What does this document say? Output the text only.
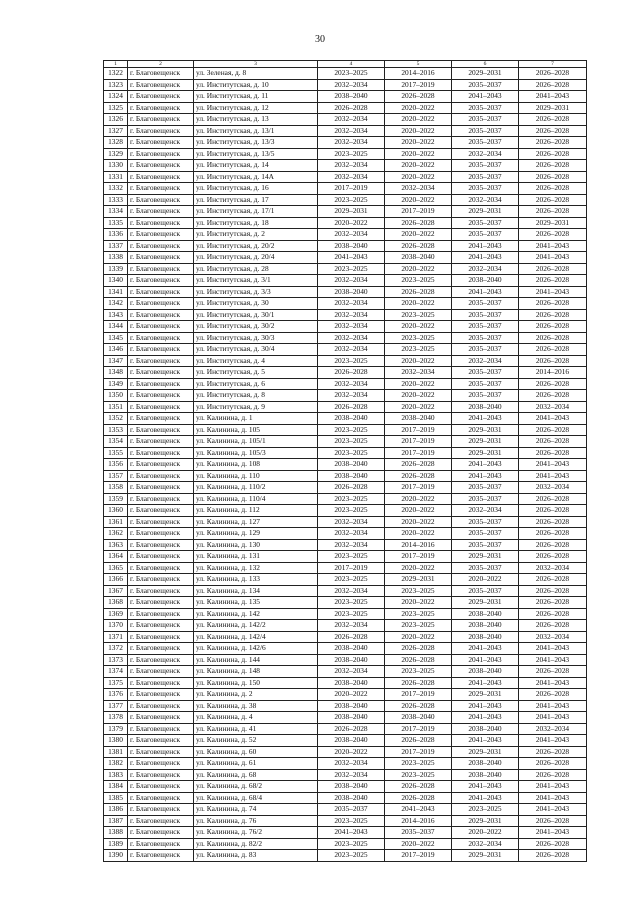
30
1	2	3	4	5	6	7
1322	г. Благовещенск	ул. Зеленая, д. 8	2023–2025	2014–2016	2029–2031	2026–2028
1323	г. Благовещенск	ул. Институтская, д. 10	2032–2034	2017–2019	2035–2037	2026–2028
1324	г. Благовещенск	ул. Институтская, д. 11	2038–2040	2026–2028	2041–2043	2041–2043
1325	г. Благовещенск	ул. Институтская, д. 12	2026–2028	2020–2022	2035–2037	2029–2031
1326	г. Благовещенск	ул. Институтская, д. 13	2032–2034	2020–2022	2035–2037	2026–2028
1327	г. Благовещенск	ул. Институтская, д. 13/1	2032–2034	2020–2022	2035–2037	2026–2028
1328	г. Благовещенск	ул. Институтская, д. 13/3	2032–2034	2020–2022	2035–2037	2026–2028
1329	г. Благовещенск	ул. Институтская, д. 13/5	2023–2025	2020–2022	2032–2034	2026–2028
1330	г. Благовещенск	ул. Институтская, д. 14	2032–2034	2020–2022	2035–2037	2026–2028
1331	г. Благовещенск	ул. Институтская, д. 14А	2032–2034	2020–2022	2035–2037	2026–2028
1332	г. Благовещенск	ул. Институтская, д. 16	2017–2019	2032–2034	2035–2037	2026–2028
1333	г. Благовещенск	ул. Институтская, д. 17	2023–2025	2020–2022	2032–2034	2026–2028
1334	г. Благовещенск	ул. Институтская, д. 17/1	2029–2031	2017–2019	2029–2031	2026–2028
1335	г. Благовещенск	ул. Институтская, д. 18	2020–2022	2026–2028	2035–2037	2029–2031
1336	г. Благовещенск	ул. Институтская, д. 2	2032–2034	2020–2022	2035–2037	2026–2028
1337	г. Благовещенск	ул. Институтская, д. 20/2	2038–2040	2026–2028	2041–2043	2041–2043
1338	г. Благовещенск	ул. Институтская, д. 20/4	2041–2043	2038–2040	2041–2043	2041–2043
1339	г. Благовещенск	ул. Институтская, д. 28	2023–2025	2020–2022	2032–2034	2026–2028
1340	г. Благовещенск	ул. Институтская, д. 3/1	2032–2034	2023–2025	2038–2040	2026–2028
1341	г. Благовещенск	ул. Институтская, д. 3/3	2038–2040	2026–2028	2041–2043	2041–2043
1342	г. Благовещенск	ул. Институтская, д. 30	2032–2034	2020–2022	2035–2037	2026–2028
1343	г. Благовещенск	ул. Институтская, д. 30/1	2032–2034	2023–2025	2035–2037	2026–2028
1344	г. Благовещенск	ул. Институтская, д. 30/2	2032–2034	2020–2022	2035–2037	2026–2028
1345	г. Благовещенск	ул. Институтская, д. 30/3	2032–2034	2023–2025	2035–2037	2026–2028
1346	г. Благовещенск	ул. Институтская, д. 30/4	2032–2034	2023–2025	2035–2037	2026–2028
1347	г. Благовещенск	ул. Институтская, д. 4	2023–2025	2020–2022	2032–2034	2026–2028
1348	г. Благовещенск	ул. Институтская, д. 5	2026–2028	2032–2034	2035–2037	2014–2016
1349	г. Благовещенск	ул. Институтская, д. 6	2032–2034	2020–2022	2035–2037	2026–2028
1350	г. Благовещенск	ул. Институтская, д. 8	2032–2034	2020–2022	2035–2037	2026–2028
1351	г. Благовещенск	ул. Институтская, д. 9	2026–2028	2020–2022	2038–2040	2032–2034
1352	г. Благовещенск	ул. Калинина, д. 1	2038–2040	2038–2040	2041–2043	2041–2043
1353	г. Благовещенск	ул. Калинина, д. 105	2023–2025	2017–2019	2029–2031	2026–2028
1354	г. Благовещенск	ул. Калинина, д. 105/1	2023–2025	2017–2019	2029–2031	2026–2028
1355	г. Благовещенск	ул. Калинина, д. 105/3	2023–2025	2017–2019	2029–2031	2026–2028
1356	г. Благовещенск	ул. Калинина, д. 108	2038–2040	2026–2028	2041–2043	2041–2043
1357	г. Благовещенск	ул. Калинина, д. 110	2038–2040	2026–2028	2041–2043	2041–2043
1358	г. Благовещенск	ул. Калинина, д. 110/2	2026–2028	2017–2019	2035–2037	2032–2034
1359	г. Благовещенск	ул. Калинина, д. 110/4	2023–2025	2020–2022	2035–2037	2026–2028
1360	г. Благовещенск	ул. Калинина, д. 112	2023–2025	2020–2022	2032–2034	2026–2028
1361	г. Благовещенск	ул. Калинина, д. 127	2032–2034	2020–2022	2035–2037	2026–2028
1362	г. Благовещенск	ул. Калинина, д. 129	2032–2034	2020–2022	2035–2037	2026–2028
1363	г. Благовещенск	ул. Калинина, д. 130	2032–2034	2014–2016	2035–2037	2026–2028
1364	г. Благовещенск	ул. Калинина, д. 131	2023–2025	2017–2019	2029–2031	2026–2028
1365	г. Благовещенск	ул. Калинина, д. 132	2017–2019	2020–2022	2035–2037	2032–2034
1366	г. Благовещенск	ул. Калинина, д. 133	2023–2025	2029–2031	2020–2022	2026–2028
1367	г. Благовещенск	ул. Калинина, д. 134	2032–2034	2023–2025	2035–2037	2026–2028
1368	г. Благовещенск	ул. Калинина, д. 135	2023–2025	2020–2022	2029–2031	2026–2028
1369	г. Благовещенск	ул. Калинина, д. 142	2023–2025	2023–2025	2038–2040	2026–2028
1370	г. Благовещенск	ул. Калинина, д. 142/2	2032–2034	2023–2025	2038–2040	2026–2028
1371	г. Благовещенск	ул. Калинина, д. 142/4	2026–2028	2020–2022	2038–2040	2032–2034
1372	г. Благовещенск	ул. Калинина, д. 142/6	2038–2040	2026–2028	2041–2043	2041–2043
1373	г. Благовещенск	ул. Калинина, д. 144	2038–2040	2026–2028	2041–2043	2041–2043
1374	г. Благовещенск	ул. Калинина, д. 148	2032–2034	2023–2025	2038–2040	2026–2028
1375	г. Благовещенск	ул. Калинина, д. 150	2038–2040	2026–2028	2041–2043	2041–2043
1376	г. Благовещенск	ул. Калинина, д. 2	2020–2022	2017–2019	2029–2031	2026–2028
1377	г. Благовещенск	ул. Калинина, д. 38	2038–2040	2026–2028	2041–2043	2041–2043
1378	г. Благовещенск	ул. Калинина, д. 4	2038–2040	2038–2040	2041–2043	2041–2043
1379	г. Благовещенск	ул. Калинина, д. 41	2026–2028	2017–2019	2038–2040	2032–2034
1380	г. Благовещенск	ул. Калинина, д. 52	2038–2040	2026–2028	2041–2043	2041–2043
1381	г. Благовещенск	ул. Калинина, д. 60	2020–2022	2017–2019	2029–2031	2026–2028
1382	г. Благовещенск	ул. Калинина, д. 61	2032–2034	2023–2025	2038–2040	2026–2028
1383	г. Благовещенск	ул. Калинина, д. 68	2032–2034	2023–2025	2038–2040	2026–2028
1384	г. Благовещенск	ул. Калинина, д. 68/2	2038–2040	2026–2028	2041–2043	2041–2043
1385	г. Благовещенск	ул. Калинина, д. 68/4	2038–2040	2026–2028	2041–2043	2041–2043
1386	г. Благовещенск	ул. Калинина, д. 74	2035–2037	2041–2043	2023–2025	2041–2043
1387	г. Благовещенск	ул. Калинина, д. 76	2023–2025	2014–2016	2029–2031	2026–2028
1388	г. Благовещенск	ул. Калинина, д. 76/2	2041–2043	2035–2037	2020–2022	2041–2043
1389	г. Благовещенск	ул. Калинина, д. 82/2	2023–2025	2020–2022	2032–2034	2026–2028
1390	г. Благовещенск	ул. Калинина, д. 83	2023–2025	2017–2019	2029–2031	2026–2028
